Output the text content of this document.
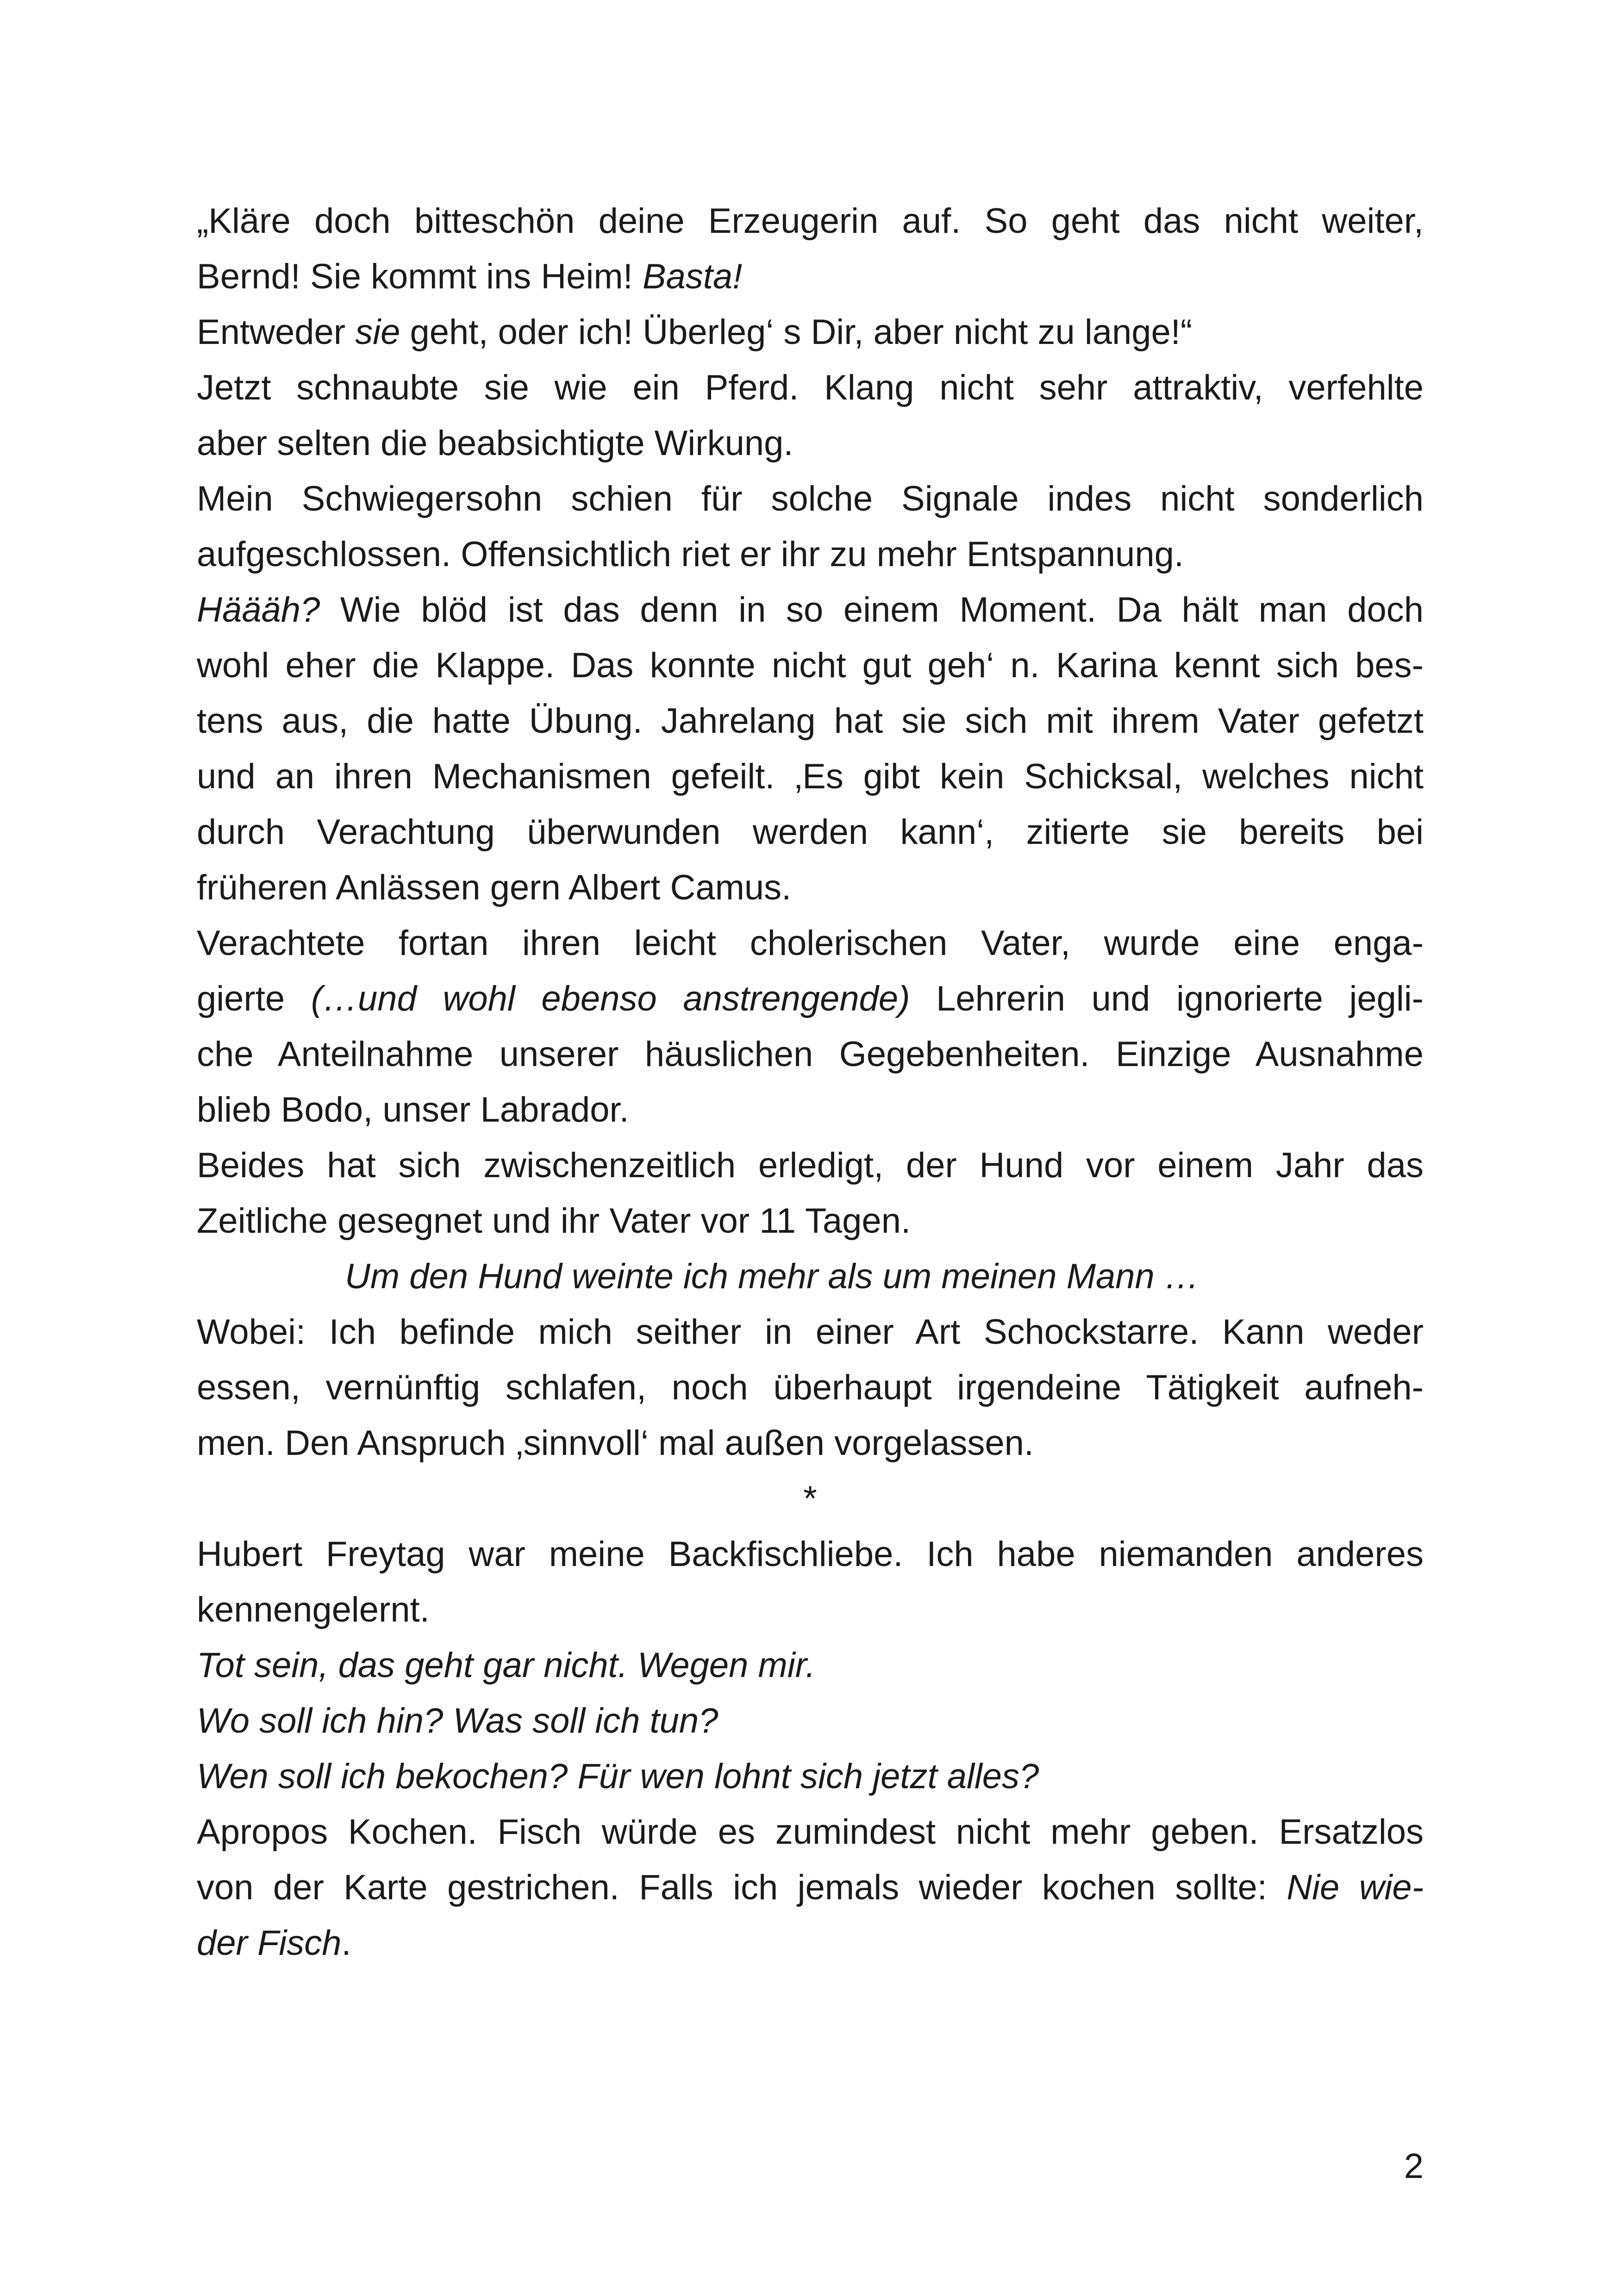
„Kläre doch bitteschön deine Erzeugerin auf. So geht das nicht weiter,
Bernd! Sie kommt ins Heim! Basta!
Entweder sie geht, oder ich! Überleg‘ s Dir, aber nicht zu lange!“
Jetzt schnaubte sie wie ein Pferd. Klang nicht sehr attraktiv, verfehlte
aber selten die beabsichtigte Wirkung.
Mein Schwiegersohn schien für solche Signale indes nicht sonderlich
aufgeschlossen. Offensichtlich riet er ihr zu mehr Entspannung.
Häääh? Wie blöd ist das denn in so einem Moment. Da hält man doch
wohl eher die Klappe. Das konnte nicht gut geh‘ n. Karina kennt sich bes-
tens aus, die hatte Übung. Jahrelang hat sie sich mit ihrem Vater gefetzt
und an ihren Mechanismen gefeilt. ‚Es gibt kein Schicksal, welches nicht
durch Verachtung überwunden werden kann‘, zitierte sie bereits bei
früheren Anlässen gern Albert Camus.
Verachtete fortan ihren leicht cholerischen Vater, wurde eine enga-
gierte (…und wohl ebenso anstrengende) Lehrerin und ignorierte jegli-
che Anteilnahme unserer häuslichen Gegebenheiten. Einzige Ausnahme
blieb Bodo, unser Labrador.
Beides hat sich zwischenzeitlich erledigt, der Hund vor einem Jahr das
Zeitliche gesegnet und ihr Vater vor 11 Tagen.
Um den Hund weinte ich mehr als um meinen Mann …
Wobei: Ich befinde mich seither in einer Art Schockstarre. Kann weder
essen, vernünftig schlafen, noch überhaupt irgendeine Tätigkeit aufneh-
men. Den Anspruch ‚sinnvoll‘ mal außen vorgelassen.
*
Hubert Freytag war meine Backfischliebe. Ich habe niemanden anderes
kennengelernt.
Tot sein, das geht gar nicht. Wegen mir.
Wo soll ich hin? Was soll ich tun?
Wen soll ich bekochen? Für wen lohnt sich jetzt alles?
Apropos Kochen. Fisch würde es zumindest nicht mehr geben. Ersatzlos
von der Karte gestrichen. Falls ich jemals wieder kochen sollte: Nie wie-
der Fisch.
2
